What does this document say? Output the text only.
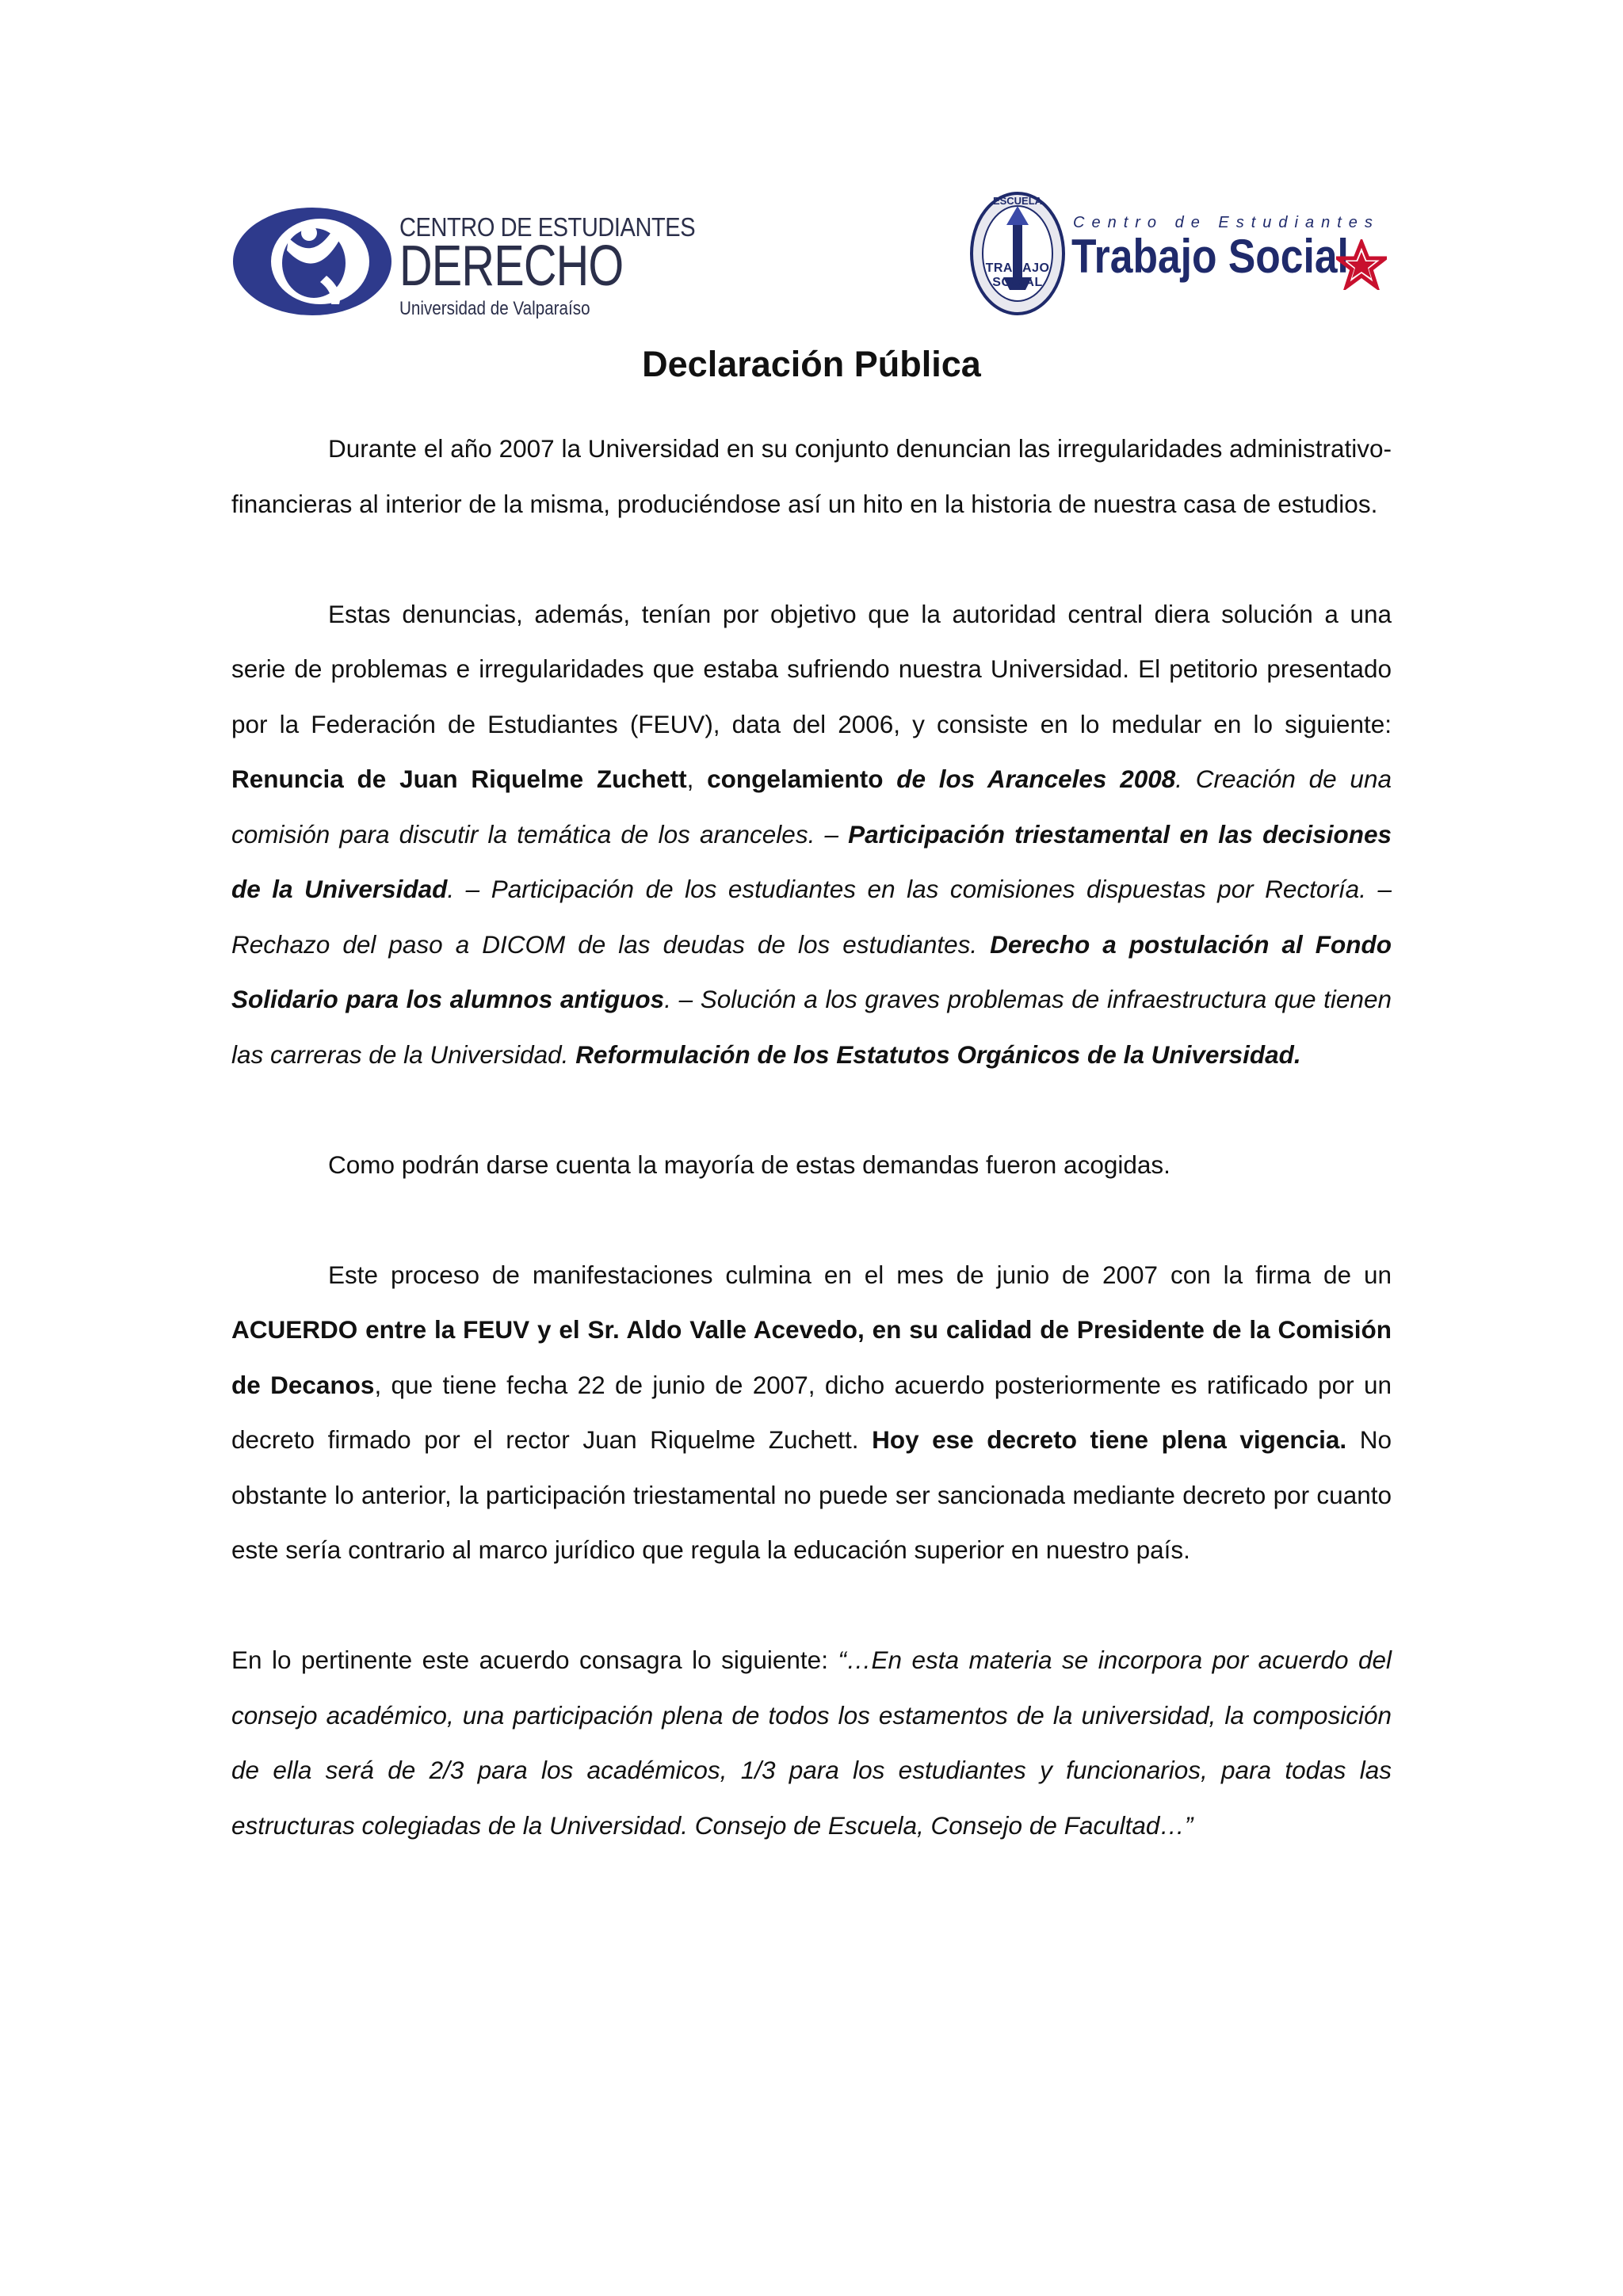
CENTRO DE ESTUDIANTES
DERECHO
Universidad de Valparaíso
ESCUELA
TRABAJO SOCIAL
Centro de Estudiantes
Trabajo Social
Declaración Pública

Durante el año 2007 la Universidad en su conjunto denuncian las irregularidades administrativo-financieras al interior de la misma, produciéndose así un hito en la historia de nuestra casa de estudios.

Estas denuncias, además, tenían por objetivo que la autoridad central diera solución a una serie de problemas e irregularidades que estaba sufriendo nuestra Universidad. El petitorio presentado por la Federación de Estudiantes (FEUV), data del 2006, y consiste en lo medular en lo siguiente: Renuncia de Juan Riquelme Zuchett, congelamiento de los Aranceles 2008. Creación de una comisión para discutir la temática de los aranceles. – Participación triestamental en las decisiones de la Universidad. – Participación de los estudiantes en las comisiones dispuestas por Rectoría. – Rechazo del paso a DICOM de las deudas de los estudiantes. Derecho a postulación al Fondo Solidario para los alumnos antiguos. – Solución a los graves problemas de infraestructura que tienen las carreras de la Universidad. Reformulación de los Estatutos Orgánicos de la Universidad.

Como podrán darse cuenta la mayoría de estas demandas fueron acogidas.

Este proceso de manifestaciones culmina en el mes de junio de 2007 con la firma de un ACUERDO entre la FEUV y el Sr. Aldo Valle Acevedo, en su calidad de Presidente de la Comisión de Decanos, que tiene fecha 22 de junio de 2007, dicho acuerdo posteriormente es ratificado por un decreto firmado por el rector Juan Riquelme Zuchett. Hoy ese decreto tiene plena vigencia. No obstante lo anterior, la participación triestamental no puede ser sancionada mediante decreto por cuanto este sería contrario al marco jurídico que regula la educación superior en nuestro país.

En lo pertinente este acuerdo consagra lo siguiente: “…En esta materia se incorpora por acuerdo del consejo académico, una participación plena de todos los estamentos de la universidad, la composición de ella será de 2/3 para los académicos, 1/3 para los estudiantes y funcionarios, para todas las estructuras colegiadas de la Universidad. Consejo de Escuela, Consejo de Facultad…”
